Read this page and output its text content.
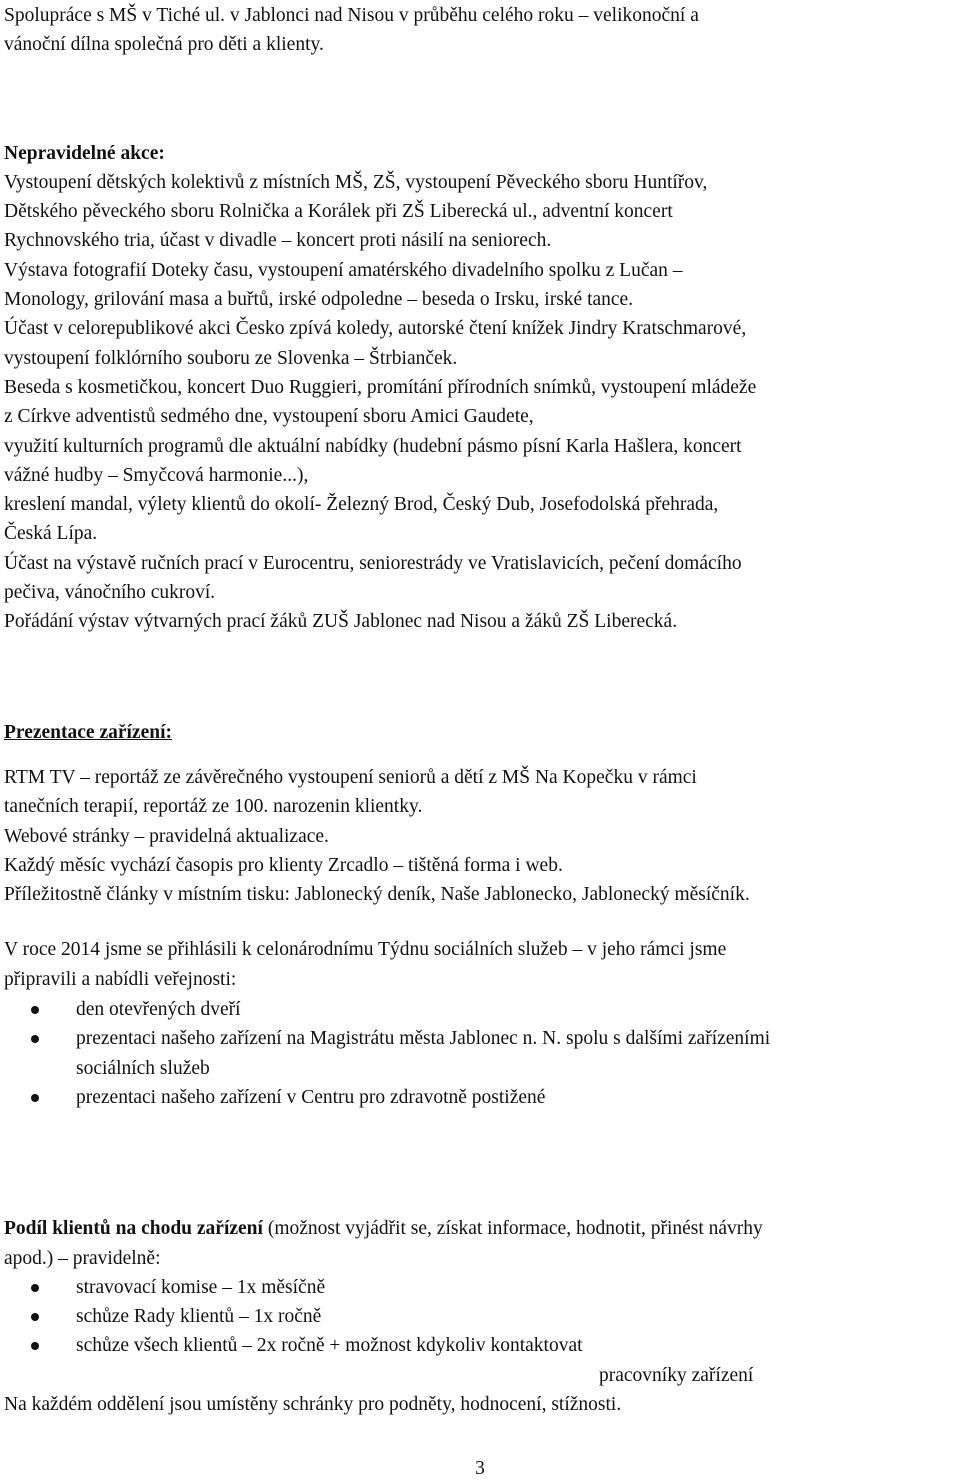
Spolupráce s MŠ v Tiché ul. v Jablonci nad Nisou v průběhu celého roku – velikonoční a

vánoční dílna společná pro děti a klienty.

Nepravidelné akce:

Vystoupení dětských kolektivů z místních MŠ, ZŠ, vystoupení Pěveckého sboru Huntířov,

Dětského pěveckého sboru Rolnička a Korálek při ZŠ Liberecká ul., adventní koncert

Rychnovského tria, účast v divadle – koncert proti násilí na seniorech.

Výstava fotografií Doteky času, vystoupení amatérského divadelního spolku z Lučan –

Monology, grilování masa a buřtů, irské odpoledne – beseda o Irsku, irské tance.

Účast v celorepublikové akci Česko zpívá koledy, autorské čtení knížek Jindry Kratschmarové,

vystoupení folklórního souboru ze Slovenka – Štrbianček.

Beseda s kosmetičkou, koncert Duo Ruggieri, promítání přírodních snímků, vystoupení mládeže

z Církve adventistů sedmého dne, vystoupení sboru Amici Gaudete,

využití kulturních programů dle aktuální nabídky (hudební pásmo písní Karla Hašlera, koncert

vážné hudby – Smyčcová harmonie...),

kreslení mandal, výlety klientů do okolí- Železný Brod, Český Dub, Josefodolská přehrada,

Česká Lípa.

Účast na výstavě ručních prací v Eurocentru, seniorestrády ve Vratislavicích, pečení domácího

pečiva, vánočního cukroví.

Pořádání výstav výtvarných prací žáků ZUŠ Jablonec nad Nisou a žáků ZŠ Liberecká.

Prezentace zařízení:

RTM TV – reportáž ze závěrečného vystoupení seniorů a dětí z MŠ Na Kopečku v rámci

tanečních terapií, reportáž ze 100. narozenin klientky.

Webové stránky – pravidelná aktualizace.

Každý měsíc vychází časopis pro klienty Zrcadlo – tištěná forma i web.

Příležitostně články v místním tisku: Jablonecký deník, Naše Jablonecko, Jablonecký měsíčník.

V roce 2014 jsme se přihlásili k celonárodnímu Týdnu sociálních služeb – v jeho rámci jsme

připravili a nabídli veřejnosti:

den otevřených dveří
prezentaci našeho zařízení na Magistrátu města Jablonec n. N. spolu s dalšími zařízeními
sociálních služeb
prezentaci našeho zařízení v Centru pro zdravotně postižené

Podíl klientů na chodu zařízení (možnost vyjádřit se, získat informace, hodnotit, přinést návrhy

apod.) – pravidelně:

stravovací komise – 1x měsíčně
schůze Rady klientů – 1x ročně
schůze všech klientů – 2x ročně + možnost kdykoliv kontaktovat

pracovníky zařízení

Na každém oddělení jsou umístěny schránky pro podněty, hodnocení, stížnosti.

3
